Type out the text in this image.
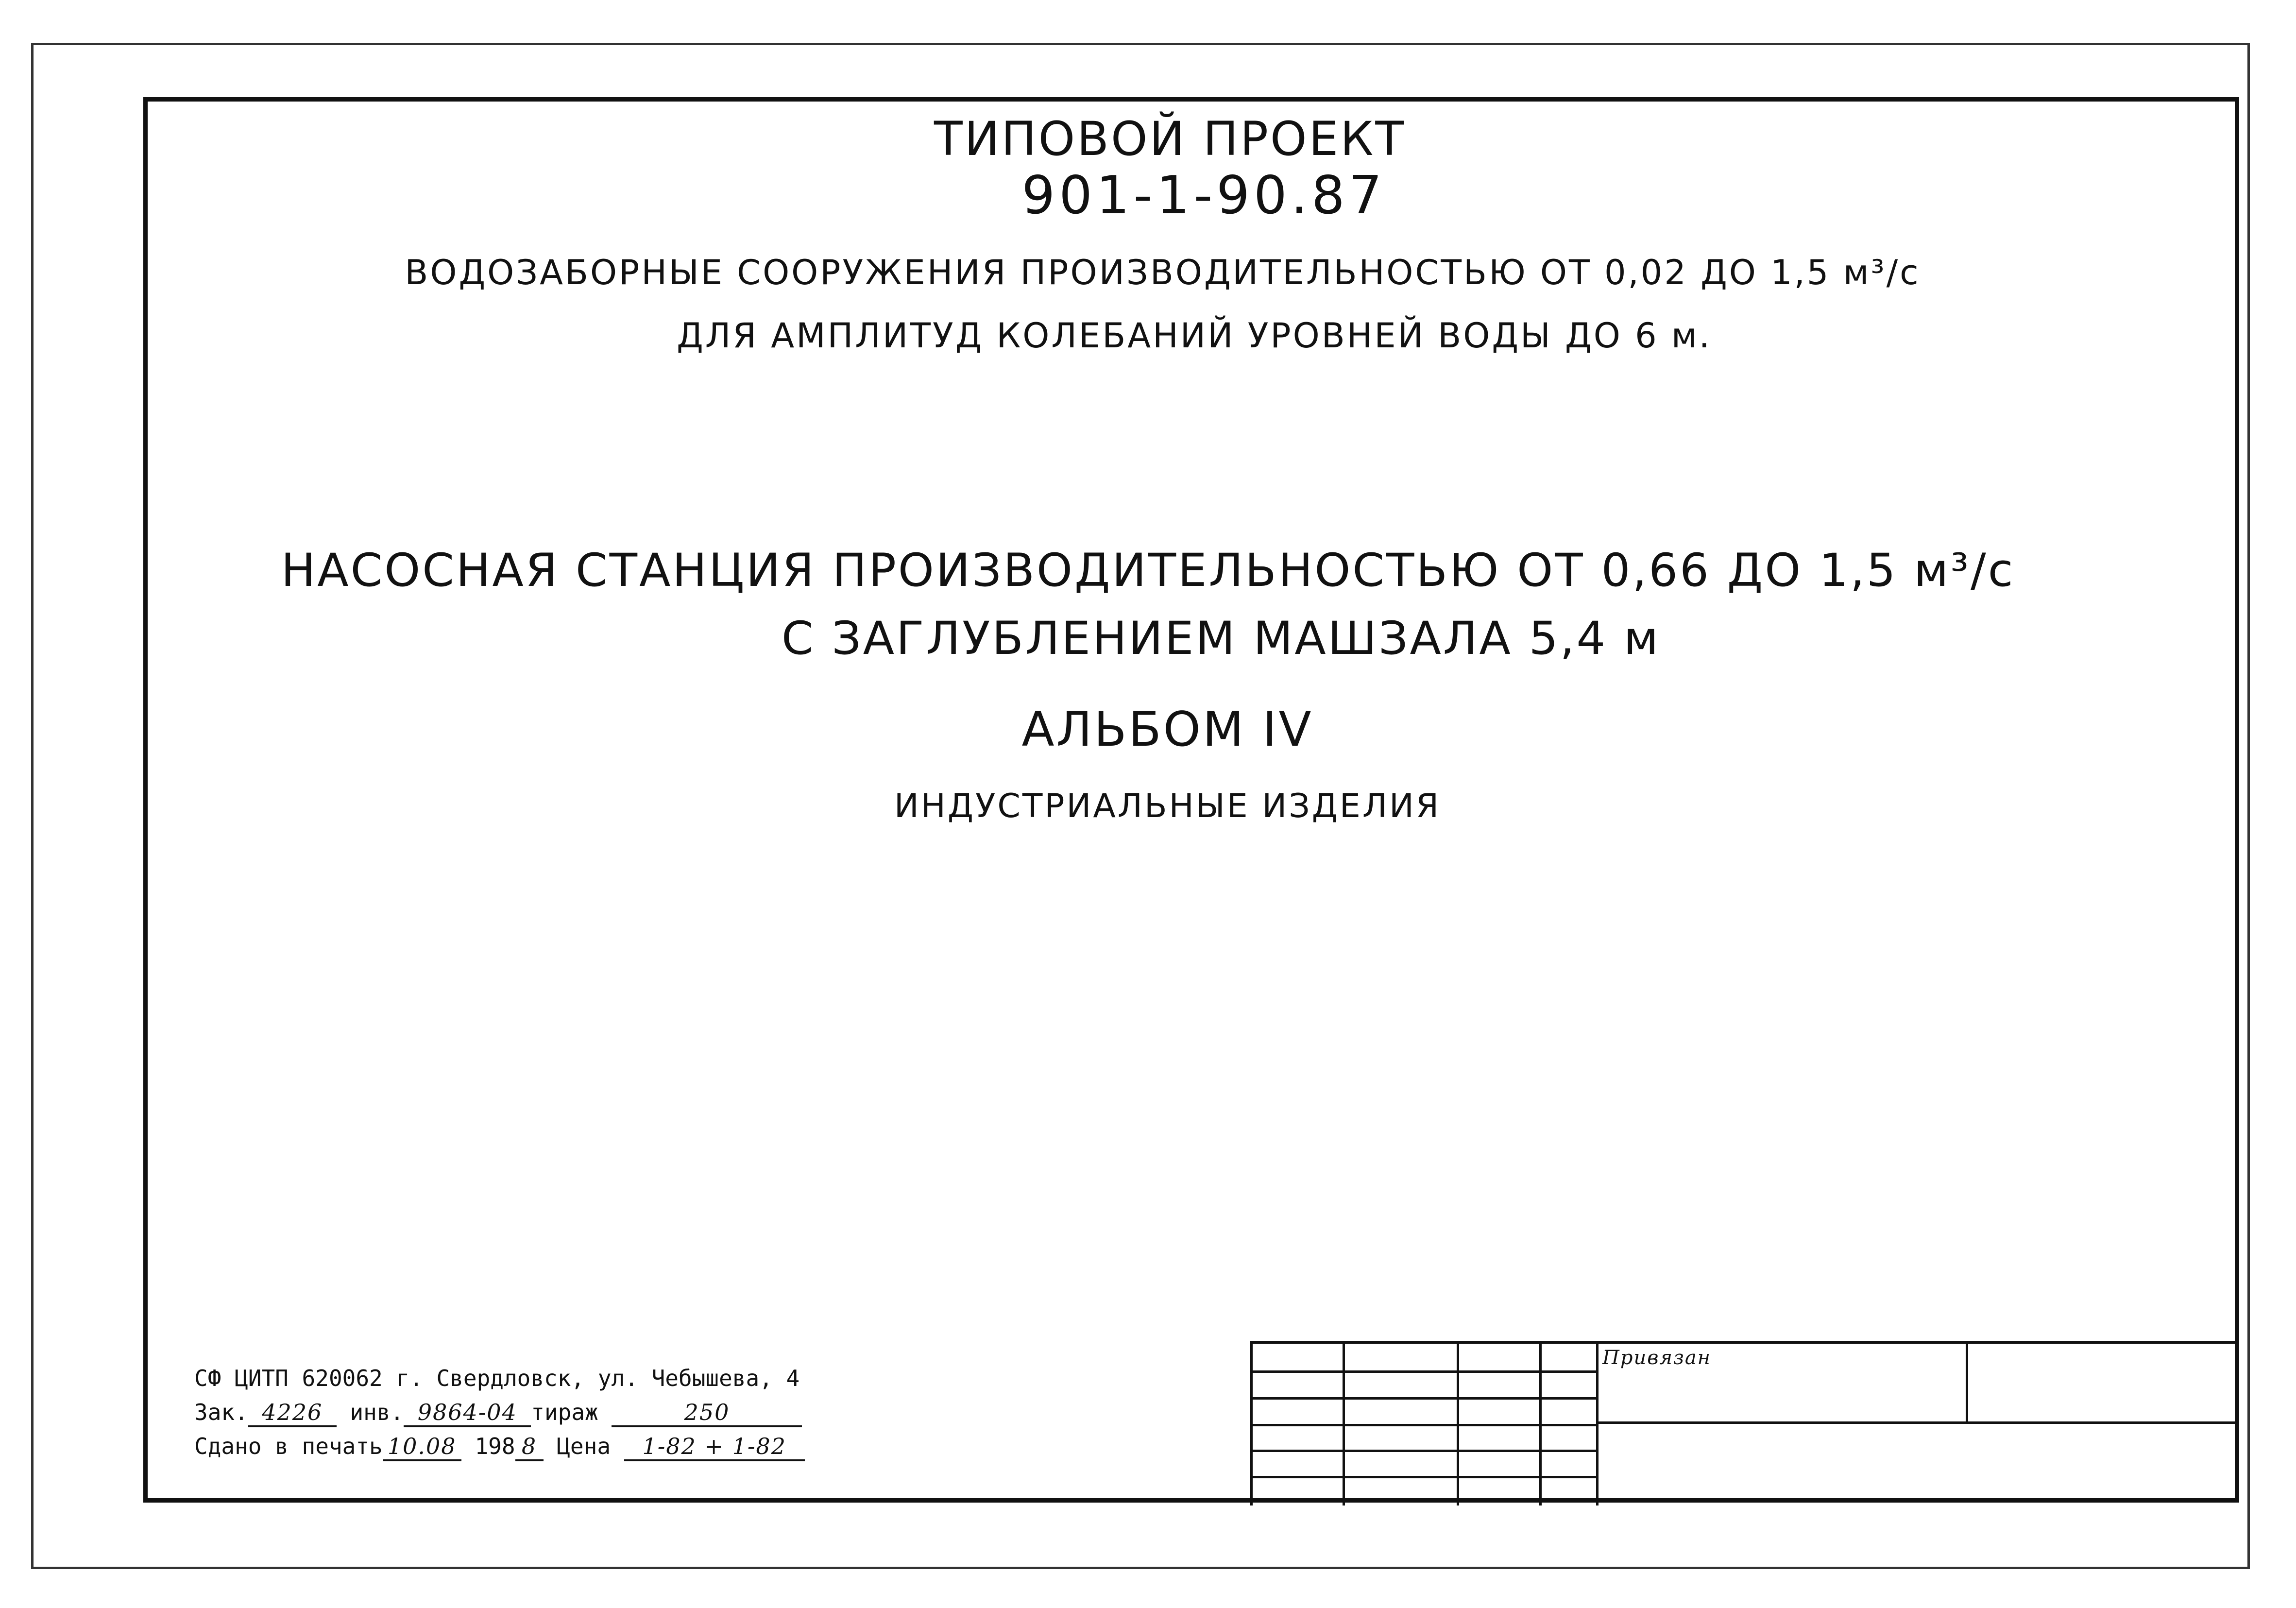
ТИПОВОЙ ПРОЕКТ
901-1-90.87
ВОДОЗАБОРНЫЕ СООРУЖЕНИЯ ПРОИЗВОДИТЕЛЬНОСТЬЮ ОТ 0,02 ДО 1,5 м³/с
ДЛЯ АМПЛИТУД КОЛЕБАНИЙ УРОВНЕЙ ВОДЫ ДО 6 м.
НАСОСНАЯ СТАНЦИЯ ПРОИЗВОДИТЕЛЬНОСТЬЮ ОТ 0,66 ДО 1,5 м³/с
С ЗАГЛУБЛЕНИЕМ МАШЗАЛА 5,4 м
АЛЬБОМ IV
ИНДУСТРИАЛЬНЫЕ ИЗДЕЛИЯ
СФ ЦИТП 620062 г. Свердловск, ул. Чебышева, 4
Зак. 4226 инв. 9864-04 тираж	250
Сдано в печать 10.08 198 8 Цена 1-82 + 1-82
Привязан
